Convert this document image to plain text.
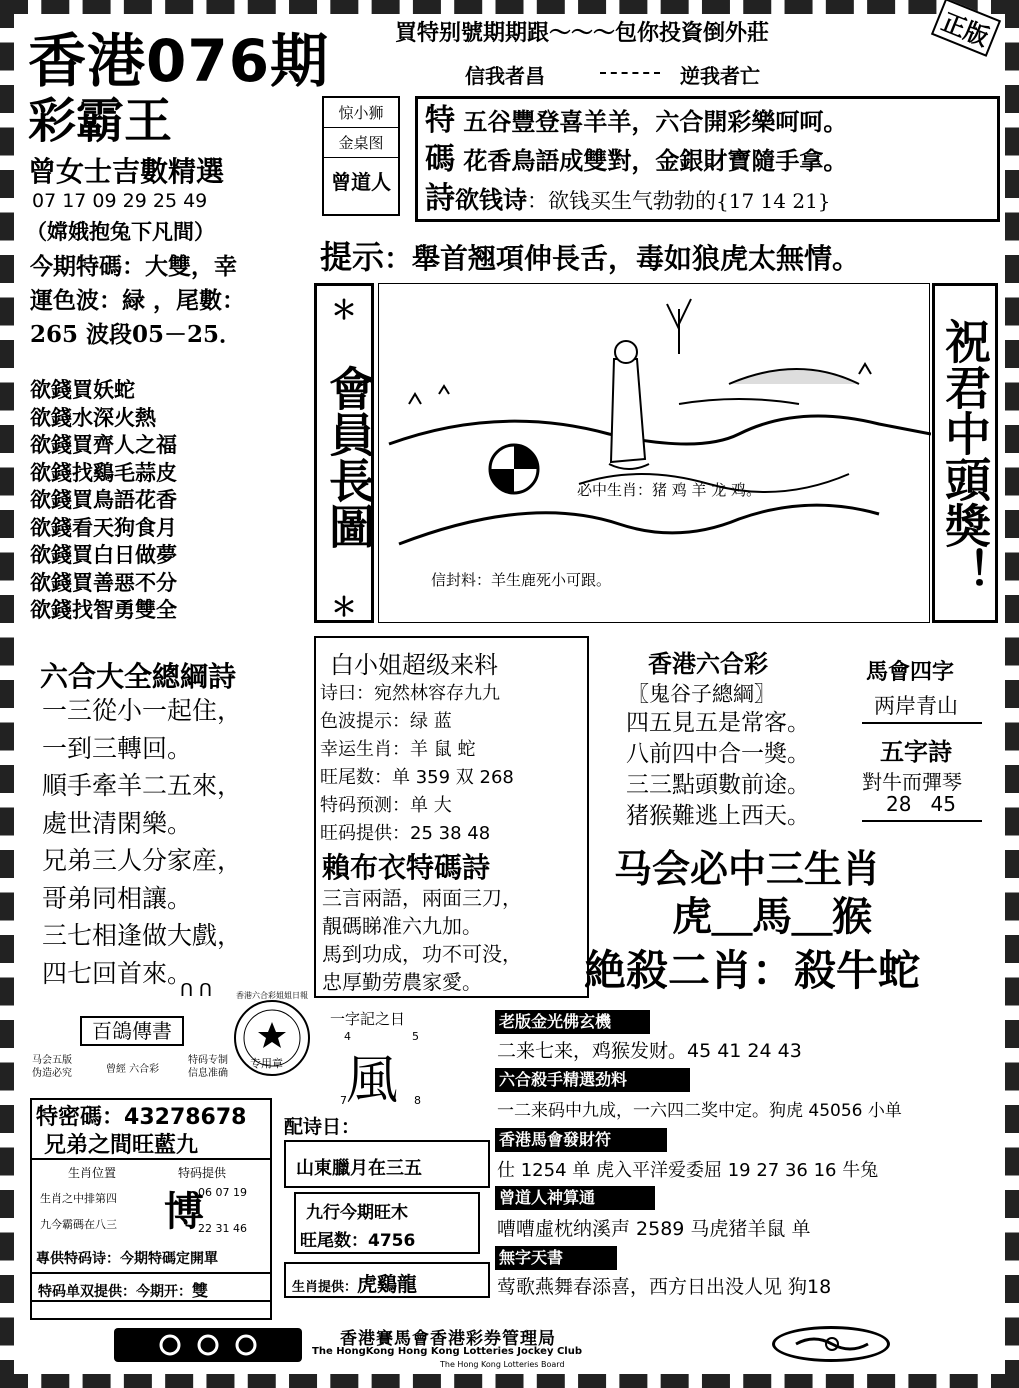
香港076期
彩霸王
買特别號期期跟～～～包你投資倒外莊
信我者昌	逆我者亡
正版
曾女士吉數精選
07 17 09 29 25 49
（嫦娥抱兔下凡間）
今期特碼：大雙，幸
運色波：緑 ，尾數：
265 波段05－25．
惊小狮
金桌图
曾道人
特 五谷豐登喜羊羊，六合開彩樂呵呵。
碼 花香鳥語成雙對，金銀財寶隨手拿。
詩欲钱诗：欲钱买生气勃勃的{17 14 21}
提示：舉首翘項伸長舌，毒如狼虎太無情。
欲錢買妖蛇
欲錢水深火熱
欲錢買齊人之福
欲錢找鷄毛蒜皮
欲錢買鳥語花香
欲錢看天狗食月
欲錢買白日做夢
欲錢買善惡不分
欲錢找智勇雙全
＊
會員長圖
＊
祝君中頭獎！
必中生肖：猪 鸡 羊 龙 鸡。
信封料：羊生鹿死小可跟。
六合大全總綱詩
一三從小一起住，
一到三轉回。
順手牽羊二五來，
處世清閑樂。
兄弟三人分家産，
哥弟同相讓。
三七相逢做大戲，
四七回首來。
ᑎ ᑎ
白小姐超级来料
诗曰：宛然林容存九九
色波提示：绿 蓝
幸运生肖：羊 鼠 蛇
旺尾数：单 359 双 268
特码预测：单 大
旺码提供：25 38 48
賴布衣特碼詩
三言兩語，兩面三刀，
靚碼睇准六九加。
馬到功成，功不可没，
忠厚勤劳農家愛。
香港六合彩
〖鬼谷子總綱〗
四五見五是常客。
八前四中合一獎。
三三點頭數前途。
猪猴難逃上西天。
馬會四字
两岸青山
五字詩
對牛而彈琴
28   45
马会必中三生肖
虎＿馬＿猴
絶殺二肖：殺牛蛇
百鴿傳書
香港六合彩姐姐日報
专用章
马会五版
伪造必究	曾經 六合彩
特码专制
信息准确
特密碼：43278678
兄弟之間旺藍九
生肖位置	特码提供
生肖之中排第四
九今霸碼在八三 博
06 07 19
22 31 46
專供特码诗：今期特碼定開單
特码单双提供：今期开：雙
一字記之日
4	5
風
7	8
配诗日：
山東臘月在三五
九行今期旺木
旺尾数：4756
生肖提供：虎鷄龍
老版金光佛玄機
二来七来，鸡猴发财。45 41 24 43
六合殺手精選劲料
一二来码中九成，一六四二奖中定。狗虎 45056 小单
香港馬會發財符
仕 1254 单 虎入平洋爱委屈 19 27 36 16 牛兔
曾道人神算通
嘈嘈虛枕纳溪声 2589 马虎猪羊鼠 单
無字天書
莺歌燕舞春添喜，西方日出没人见 狗18
香港賽馬會香港彩券管理局
The HongKong Hong Kong Lotteries Jockey Club
The Hong Kong Lotteries Board
